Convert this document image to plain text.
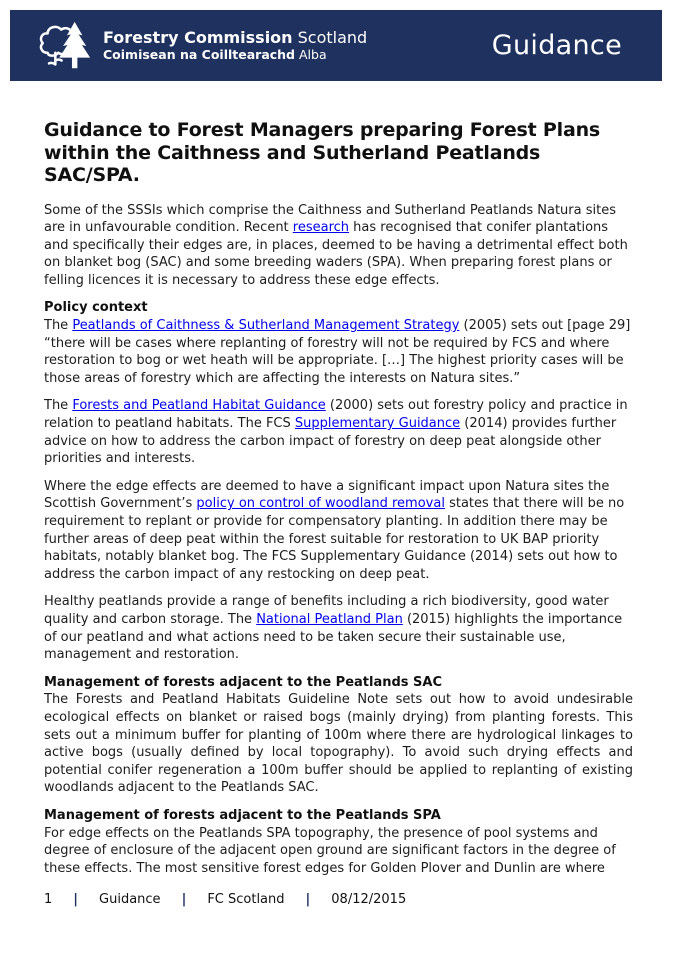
Forestry Commission Scotland
Coimisean na Coilltearachd Alba	Guidance
Guidance to Forest Managers preparing Forest Plans within the Caithness and Sutherland Peatlands SAC/SPA.

Some of the SSSIs which comprise the Caithness and Sutherland Peatlands Natura sites are in unfavourable condition. Recent research has recognised that conifer plantations and specifically their edges are, in places, deemed to be having a detrimental effect both on blanket bog (SAC) and some breeding waders (SPA). When preparing forest plans or felling licences it is necessary to address these edge effects.

Policy context

The Peatlands of Caithness & Sutherland Management Strategy (2005) sets out [page 29] “there will be cases where replanting of forestry will not be required by FCS and where restoration to bog or wet heath will be appropriate. […] The highest priority cases will be those areas of forestry which are affecting the interests on Natura sites.”

The Forests and Peatland Habitat Guidance (2000) sets out forestry policy and practice in relation to peatland habitats. The FCS Supplementary Guidance (2014) provides further advice on how to address the carbon impact of forestry on deep peat alongside other priorities and interests.

Where the edge effects are deemed to have a significant impact upon Natura sites the Scottish Government’s policy on control of woodland removal states that there will be no requirement to replant or provide for compensatory planting. In addition there may be further areas of deep peat within the forest suitable for restoration to UK BAP priority habitats, notably blanket bog. The FCS Supplementary Guidance (2014) sets out how to address the carbon impact of any restocking on deep peat.

Healthy peatlands provide a range of benefits including a rich biodiversity, good water quality and carbon storage. The National Peatland Plan (2015) highlights the importance of our peatland and what actions need to be taken secure their sustainable use, management and restoration.

Management of forests adjacent to the Peatlands SAC

The Forests and Peatland Habitats Guideline Note sets out how to avoid undesirable ecological effects on blanket or raised bogs (mainly drying) from planting forests. This sets out a minimum buffer for planting of 100m where there are hydrological linkages to active bogs (usually defined by local topography). To avoid such drying effects and potential conifer regeneration a 100m buffer should be applied to replanting of existing woodlands adjacent to the Peatlands SAC.

Management of forests adjacent to the Peatlands SPA

For edge effects on the Peatlands SPA topography, the presence of pool systems and degree of enclosure of the adjacent open ground are significant factors in the degree of these effects. The most sensitive forest edges for Golden Plover and Dunlin are where

1 | Guidance | FC Scotland | 08/12/2015
